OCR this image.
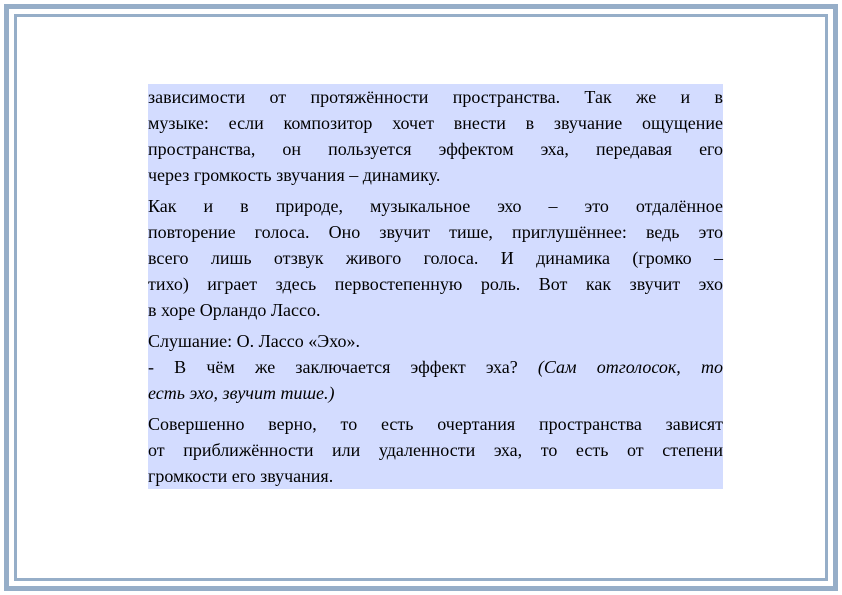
зависимости от протяжённости пространства. Так же и в
музыке: если композитор хочет внести в звучание ощущение
пространства, он пользуется эффектом эха, передавая его
через громкость звучания – динамику.

Как и в природе, музыкальное эхо – это отдалённое
повторение голоса. Оно звучит тише, приглушённее: ведь это
всего лишь отзвук живого голоса. И динамика (громко –
тихо) играет здесь первостепенную роль. Вот как звучит эхо
в хоре Орландо Лассо.

Слушание: О. Лассо «Эхо».

- В чём же заключается эффект эха? (Сам отголосок, то
есть эхо, звучит тише.)

Совершенно верно, то есть очертания пространства зависят
от приближённости или удаленности эха, то есть от степени
громкости его звучания.
